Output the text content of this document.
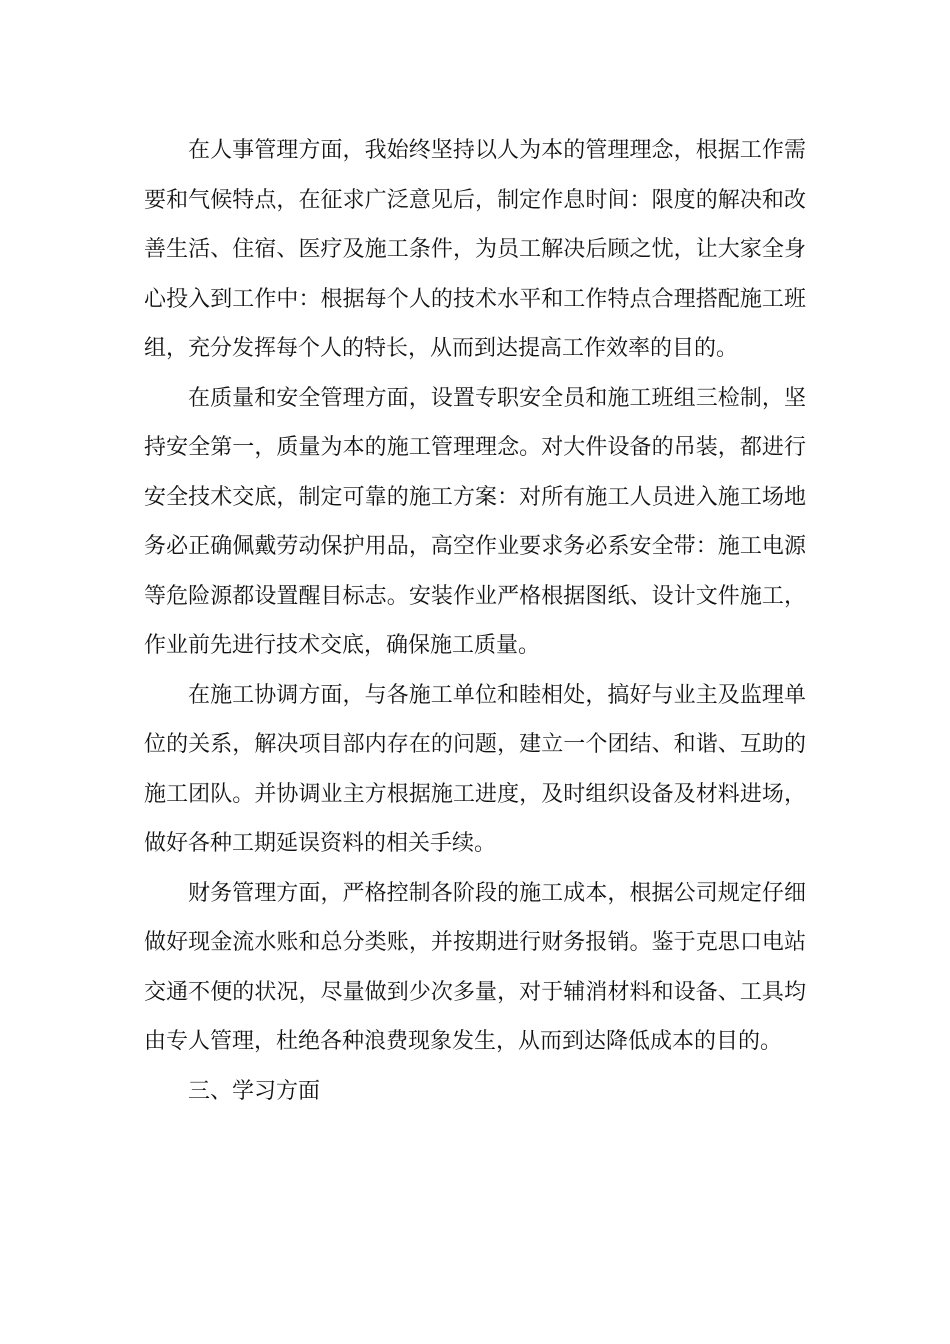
在人事管理方面，我始终坚持以人为本的管理理念，根据工作需要和气候特点，在征求广泛意见后，制定作息时间：限度的解决和改善生活、住宿、医疗及施工条件，为员工解决后顾之忧，让大家全身心投入到工作中：根据每个人的技术水平和工作特点合理搭配施工班组，充分发挥每个人的特长，从而到达提高工作效率的目的。

在质量和安全管理方面，设置专职安全员和施工班组三检制，坚持安全第一，质量为本的施工管理理念。对大件设备的吊装，都进行安全技术交底，制定可靠的施工方案：对所有施工人员进入施工场地务必正确佩戴劳动保护用品，高空作业要求务必系安全带：施工电源等危险源都设置醒目标志。安装作业严格根据图纸、设计文件施工，作业前先进行技术交底，确保施工质量。

在施工协调方面，与各施工单位和睦相处，搞好与业主及监理单位的关系，解决项目部内存在的问题，建立一个团结、和谐、互助的施工团队。并协调业主方根据施工进度，及时组织设备及材料进场，做好各种工期延误资料的相关手续。

财务管理方面，严格控制各阶段的施工成本，根据公司规定仔细做好现金流水账和总分类账，并按期进行财务报销。鉴于克思口电站交通不便的状况，尽量做到少次多量，对于辅消材料和设备、工具均由专人管理，杜绝各种浪费现象发生，从而到达降低成本的目的。

三、学习方面
